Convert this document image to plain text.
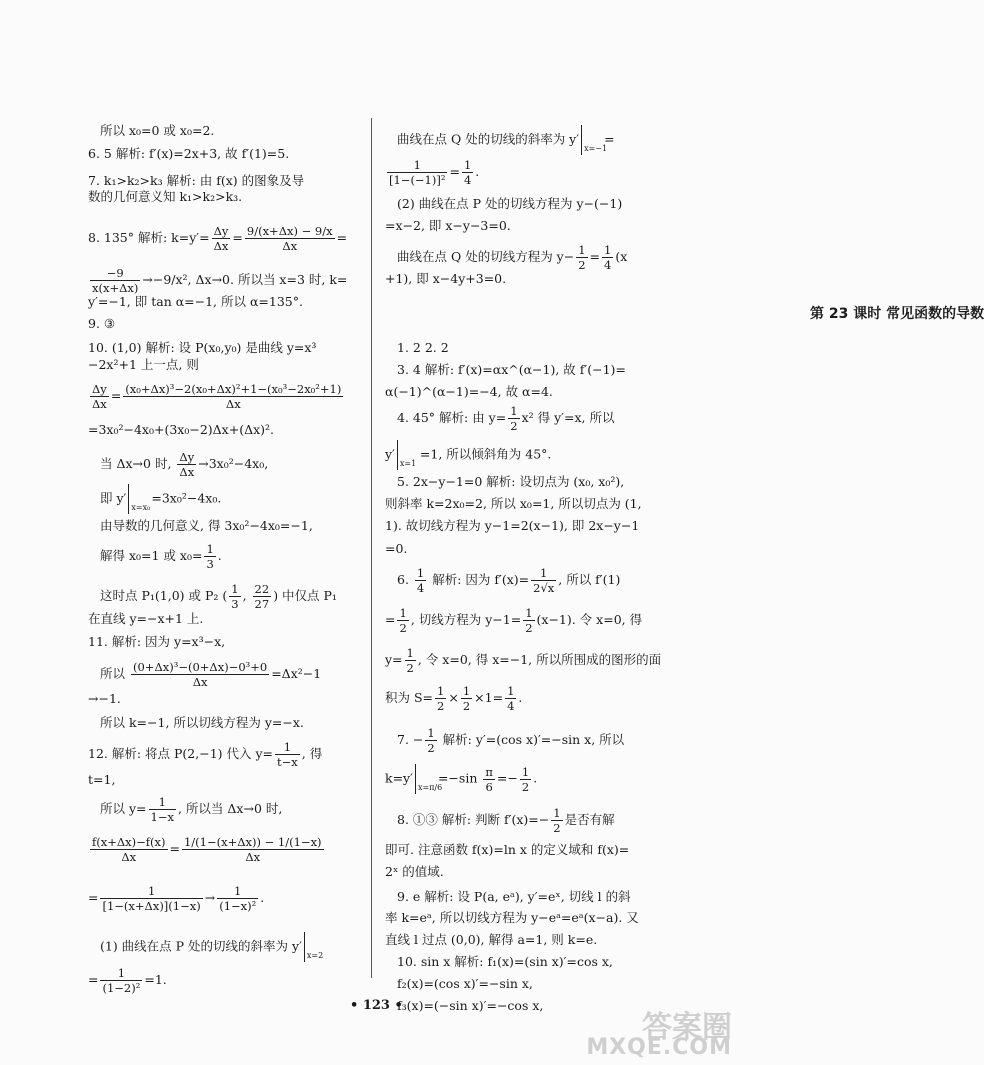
所以 x₀=0 或 x₀=2.
6. 5 解析: f′(x)=2x+3, 故 f′(1)=5.
7. k₁>k₂>k₃ 解析: 由 f(x) 的图象及导
数的几何意义知 k₁>k₂>k₃.
8. 135° 解析: $k=y'= \frac{\Delta y}{\Delta x} = \frac{9/(x+\Delta x) - 9/x}{\Delta x}$ =
$\frac{-9}{x(x+\Delta x)} \to-9/x^2$, Δx→0. 所以当 x=3 时, k=
y′=−1, 即 tan α=−1, 所以 α=135°.
9. ③
10. (1,0) 解析: 设 P(x₀,y₀) 是曲线 y=x³
−2x²+1 上一点, 则
$\frac{\Delta y}{\Delta x} = \frac{\text{(x₀+Δx)³−2(x₀+Δx)²+1−(x₀³−2x₀²+1)}}{\Delta x}$
=3x₀²−4x₀+(3x₀−2)Δx+(Δx)².
当 Δx→0 时, $\frac{\Delta y}{\Delta x} \to 3x_0^2-4x_0$,
即 y′
x=x₀
=3x₀²−4x₀.
由导数的几何意义, 得 3x₀²−4x₀=−1,
解得 x₀=1 或 $x_0= \frac{1}{3}$ .
这时点 P₁(1,0) 或 P₂ ( $\frac{1}{3}$ , $\frac{22}{27}$ ) 中仅点 P₁
在直线 y=−x+1 上.
11. 解析: 因为 y=x³−x,
所以 $\frac{\text{(0+Δx)³−(0+Δx)−0³+0}}{\Delta x} =\Delta x^2-1$
→−1.
所以 k=−1, 所以切线方程为 y=−x.
12. 解析: 将点 P(2,−1) 代入 $y= \frac{1}{t-x}$ , 得
t=1,
所以 $y= \frac{1}{1-x}$ , 所以当 Δx→0 时,
$\frac{f(x+\Delta x)-f(x)}{\Delta x} = \frac{1/(1-(x+\Delta x)) - 1/(1-x)}{\Delta x}$
= $\frac{1}{[1-(x+\Delta x)](1-x)} \to \frac{1}{\text{(1−x)²}}$ .
(1) 曲线在点 P 处的切线的斜率为 y′
x=2
= $\frac{1}{\text{(1−2)²}} =1$.
曲线在点 Q 处的切线的斜率为 y′
x=−1
=
$\frac{1}{\text{[1−(−1)]²}} = \frac{1}{4}$ .
(2) 曲线在点 P 处的切线方程为 y−(−1)
=x−2, 即 x−y−3=0.
曲线在点 Q 处的切线方程为 $y- \frac{1}{2} = \frac{1}{4} (x$
+1), 即 x−4y+3=0.
第 23 课时 常见函数的导数
1. 2 2. 2
3. 4 解析: f′(x)=αx^(α−1), 故 f′(−1)=
α(−1)^(α−1)=−4, 故 α=4.
4. 45° 解析: 由 $y= \frac{1}{2} x^2$ 得 y′=x, 所以
y′
x=1
=1, 所以倾斜角为 45°.
5. 2x−y−1=0 解析: 设切点为 (x₀, x₀²),
则斜率 k=2x₀=2, 所以 x₀=1, 所以切点为 (1,
1). 故切线方程为 y−1=2(x−1), 即 2x−y−1
=0.
6. $\frac{1}{4}$ 解析: 因为 $f'(x)= \frac{1}{2√x}$ , 所以 f′(1)
= $\frac{1}{2}$ , 切线方程为 $y-1= \frac{1}{2} (x-1)$. 令 x=0, 得
$y= \frac{1}{2}$ , 令 x=0, 得 x=−1, 所以所围成的图形的面
积为 $S= \frac{1}{2} \times \frac{1}{2} \times 1= \frac{1}{4}$ .
7. − $\frac{1}{2}$ 解析: y′=(cos x)′=−sin x, 所以
k=y′
x=π/6
$=-\sin \frac{\pi}{6} =- \frac{1}{2}$ .
8. ①③ 解析: 判断 $f'(x)=- \frac{1}{2}$ 是否有解
即可. 注意函数 f(x)=ln x 的定义域和 f(x)=
2ˣ 的值域.
9. e 解析: 设 P(a, eᵃ), y′=eˣ, 切线 l 的斜
率 k=eᵃ, 所以切线方程为 y−eᵃ=eᵃ(x−a). 又
直线 l 过点 (0,0), 解得 a=1, 则 k=e.
10. sin x 解析: f₁(x)=(sin x)′=cos x,
f₂(x)=(cos x)′=−sin x,
f₃(x)=(−sin x)′=−cos x,
• 123 •
答案圈
MXQE.COM
